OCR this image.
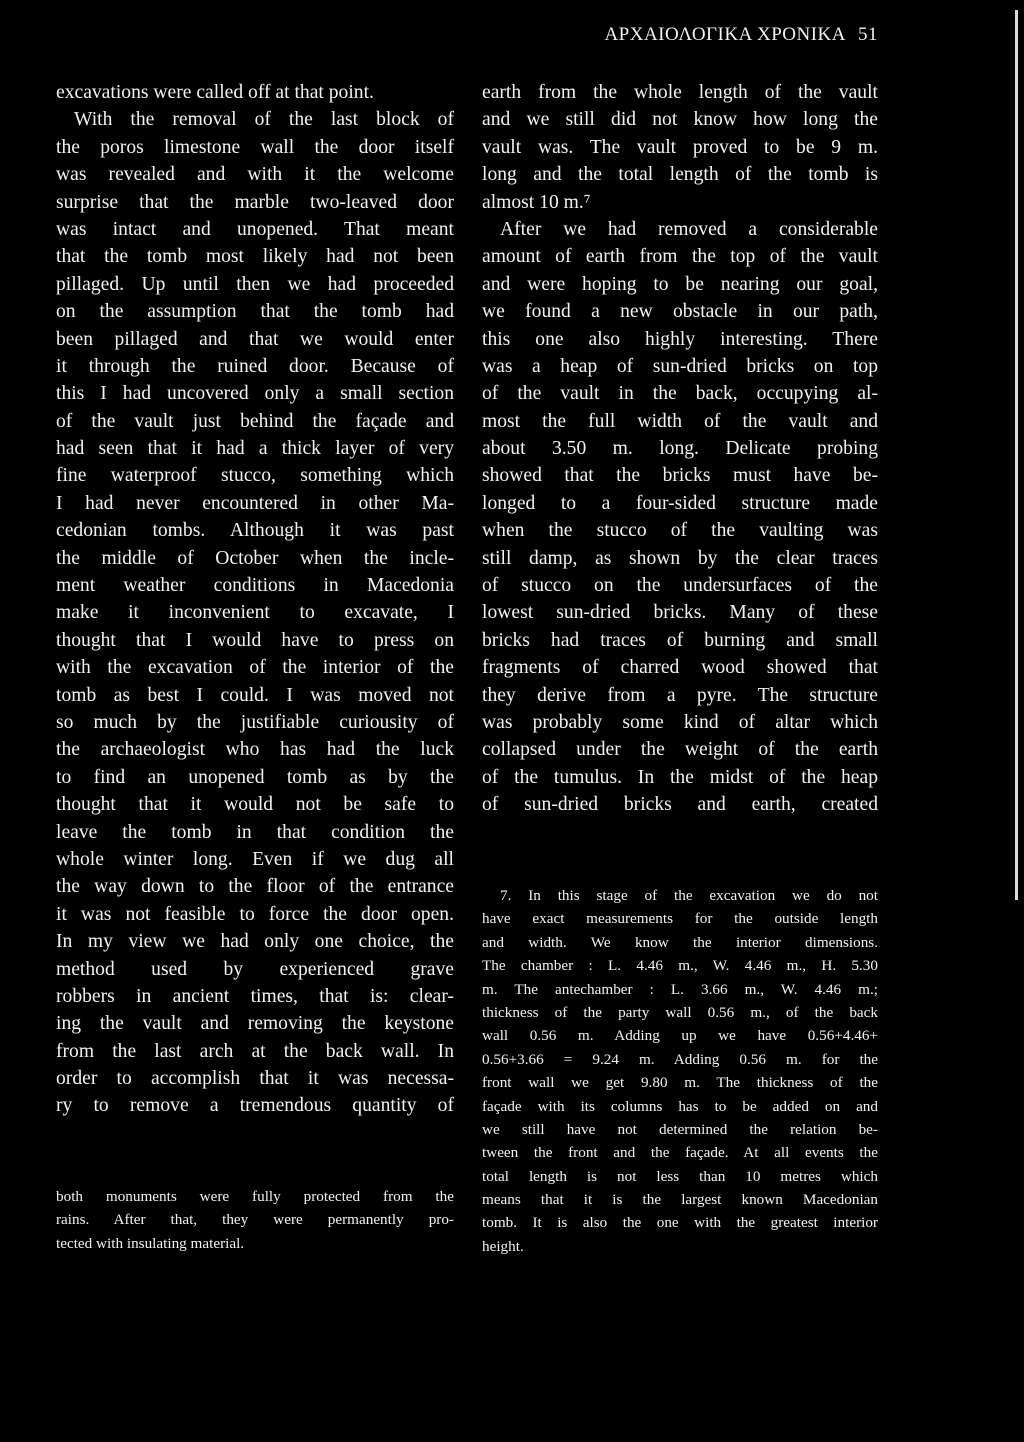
ΑΡΧΑΙΟΛΟΓΙΚΑ ΧΡΟΝΙΚΑ 51
excavations were called off at that point.
With the removal of the last block of
the poros limestone wall the door itself
was revealed and with it the welcome
surprise that the marble two-leaved door
was intact and unopened. That meant
that the tomb most likely had not been
pillaged. Up until then we had proceeded
on the assumption that the tomb had
been pillaged and that we would enter
it through the ruined door. Because of
this I had uncovered only a small section
of the vault just behind the façade and
had seen that it had a thick layer of very
fine waterproof stucco, something which
I had never encountered in other Ma-
cedonian tombs. Although it was past
the middle of October when the incle-
ment weather conditions in Macedonia
make it inconvenient to excavate, I
thought that I would have to press on
with the excavation of the interior of the
tomb as best I could. I was moved not
so much by the justifiable curiousity of
the archaeologist who has had the luck
to find an unopened tomb as by the
thought that it would not be safe to
leave the tomb in that condition the
whole winter long. Even if we dug all
the way down to the floor of the entrance
it was not feasible to force the door open.
In my view we had only one choice, the
method used by experienced grave
robbers in ancient times, that is: clear-
ing the vault and removing the keystone
from the last arch at the back wall. In
order to accomplish that it was necessa-
ry to remove a tremendous quantity of
both monuments were fully protected from the
rains. After that, they were permanently pro-
tected with insulating material.
earth from the whole length of the vault
and we still did not know how long the
vault was. The vault proved to be 9 m.
long and the total length of the tomb is
almost 10 m.⁷
After we had removed a considerable
amount of earth from the top of the vault
and were hoping to be nearing our goal,
we found a new obstacle in our path,
this one also highly interesting. There
was a heap of sun-dried bricks on top
of the vault in the back, occupying al-
most the full width of the vault and
about 3.50 m. long. Delicate probing
showed that the bricks must have be-
longed to a four-sided structure made
when the stucco of the vaulting was
still damp, as shown by the clear traces
of stucco on the undersurfaces of the
lowest sun-dried bricks. Many of these
bricks had traces of burning and small
fragments of charred wood showed that
they derive from a pyre. The structure
was probably some kind of altar which
collapsed under the weight of the earth
of the tumulus. In the midst of the heap
of sun-dried bricks and earth, created
7. In this stage of the excavation we do not
have exact measurements for the outside length
and width. We know the interior dimensions.
The chamber : L. 4.46 m., W. 4.46 m., H. 5.30
m. The antechamber : L. 3.66 m., W. 4.46 m.;
thickness of the party wall 0.56 m., of the back
wall 0.56 m. Adding up we have 0.56+4.46+
0.56+3.66 = 9.24 m. Adding 0.56 m. for the
front wall we get 9.80 m. The thickness of the
façade with its columns has to be added on and
we still have not determined the relation be-
tween the front and the façade. At all events the
total length is not less than 10 metres which
means that it is the largest known Macedonian
tomb. It is also the one with the greatest interior
height.
